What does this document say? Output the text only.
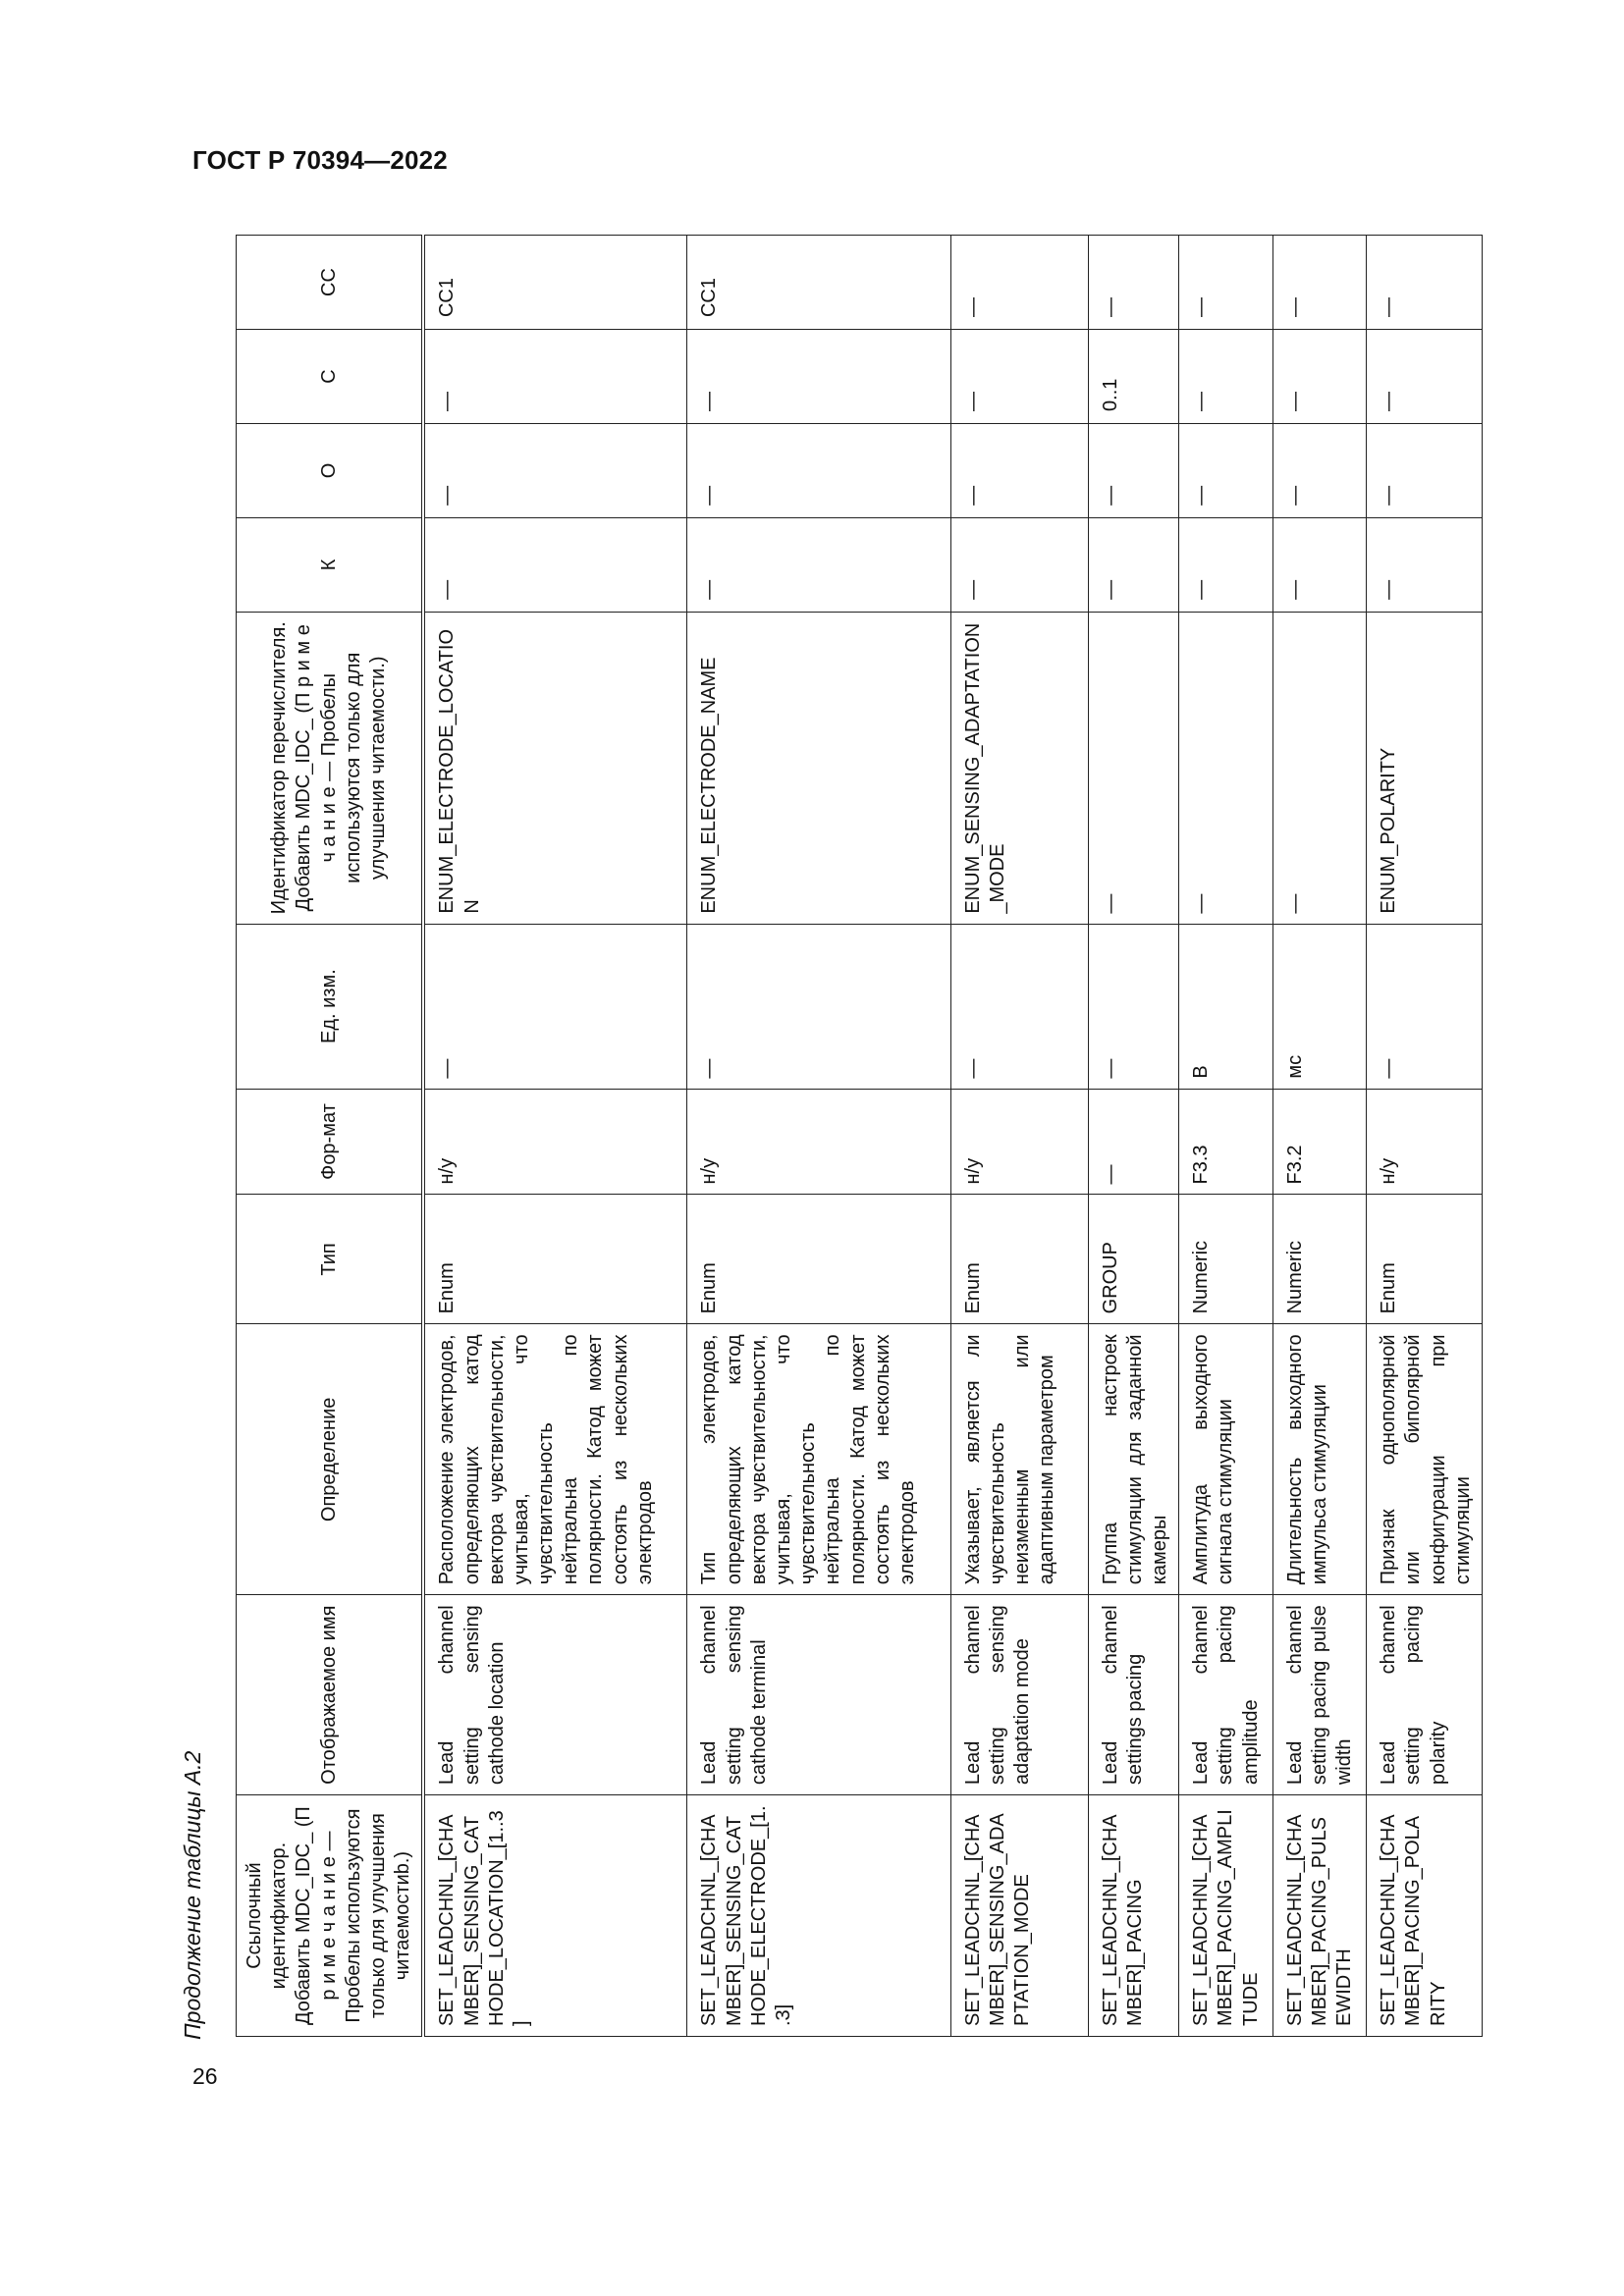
ГОСТ Р 70394—2022
Продолжение таблицы А.2
26
Ссылочный идентификатор. Добавить MDC_IDC_ (П р и м е ч а н и е — Пробелы используются только для улучшения читаемостиb.)	Отображаемое имя	Определение	Тип	Фор-мат	Ед. изм.	Идентификатор перечислителя. Добавить MDC_IDC_ (П р и м е ч а н и е — Пробелы используются только для улучшения читаемости.)	К	О	С	СС
SET_LEADCHNL_[CHAMBER]_SENSING_CATHODE_LOCATION_[1..3]	Lead channel setting sensing cathode location	Расположение электродов, определяющих катод вектора чувствительности, учитывая, что чувствительность нейтральна по полярности. Катод может состоять из нескольких электродов	Enum	н/у	—	ENUM_ELECTRODE_LOCATION	—	—	—	CC1
SET_LEADCHNL_[CHAMBER]_SENSING_CATHODE_ELECTRODE_[1..3]	Lead channel setting sensing cathode terminal	Тип электродов, определяющих катод вектора чувствительности, учитывая, что чувствительность нейтральна по полярности. Катод может состоять из нескольких электродов	Enum	н/у	—	ENUM_ELECTRODE_NAME	—	—	—	CC1
SET_LEADCHNL_[CHAMBER]_SENSING_ADAPTATION_MODE	Lead channel setting sensing adaptation mode	Указывает, является ли чувствительность неизменным или адаптивным параметром	Enum	н/у	—	ENUM_SENSING_ADAPTATION_MODE	—	—	—	—
SET_LEADCHNL_[CHAMBER]_PACING	Lead channel settings pacing	Группа настроек стимуляции для заданной камеры	GROUP	—	—	—	—	—	0..1	—
SET_LEADCHNL_[CHAMBER]_PACING_AMPLITUDE	Lead channel setting pacing amplitude	Амплитуда выходного сигнала стимуляции	Numeric	F3.3	В	—	—	—	—	—
SET_LEADCHNL_[CHAMBER]_PACING_PULSEWIDTH	Lead channel setting pacing pulse width	Длительность выходного импульса стимуляции	Numeric	F3.2	мс	—	—	—	—	—
SET_LEADCHNL_[CHAMBER]_PACING_POLARITY	Lead channel setting pacing polarity	Признак однополярной или биполярной конфигурации при стимуляции	Enum	н/у	—	ENUM_POLARITY	—	—	—	—
